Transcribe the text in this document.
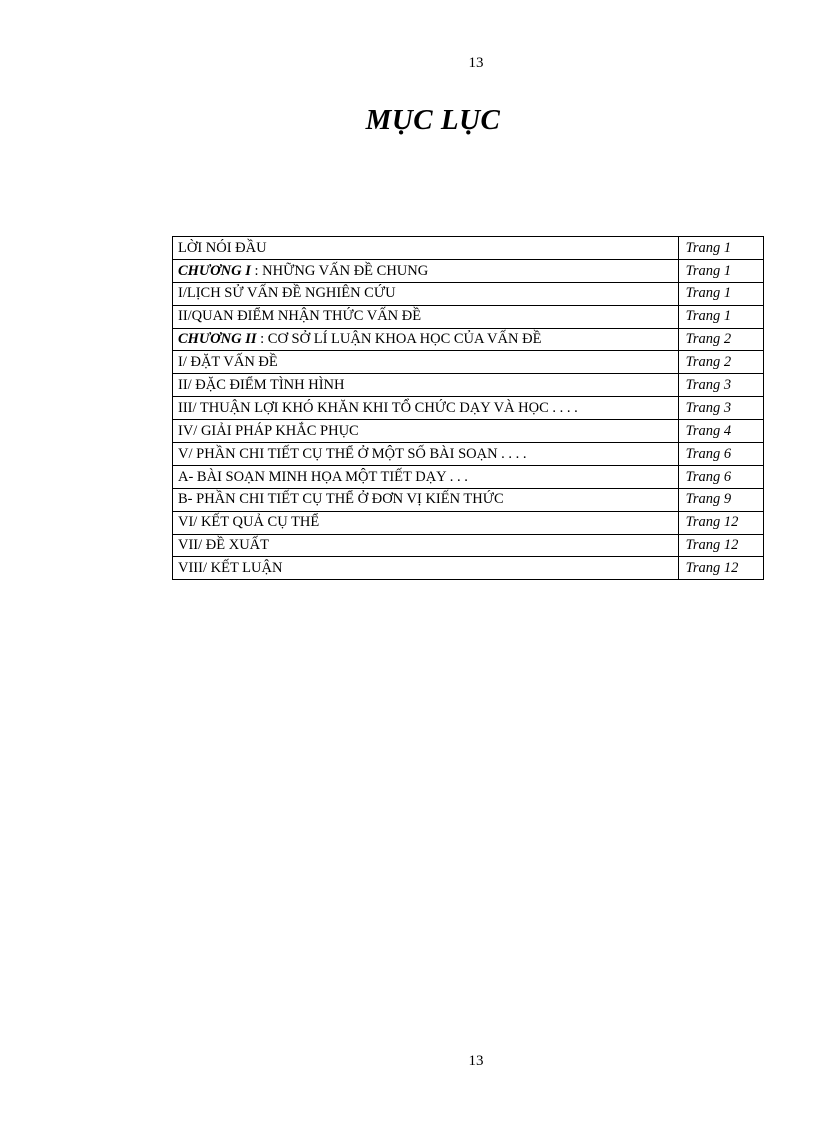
13
MỤC LỤC
LỜI NÓI ĐẦU	Trang 1
CHƯƠNG I : NHỮNG VẤN ĐỀ CHUNG	Trang 1
I/LỊCH SỬ VẤN ĐỀ NGHIÊN CỨU	Trang 1
II/QUAN ĐIỂM NHẬN THỨC VẤN ĐỀ	Trang 1
CHƯƠNG II : CƠ SỞ LÍ LUẬN KHOA HỌC CỦA VẤN ĐỀ	Trang 2
I/ ĐẶT VẤN ĐỀ	Trang 2
II/ ĐẶC ĐIỂM TÌNH HÌNH	Trang 3
III/ THUẬN LỢI KHÓ KHĂN KHI TỔ CHỨC DẠY VÀ HỌC . . . .	Trang 3
IV/ GIẢI PHÁP KHẮC PHỤC	Trang 4
V/ PHẦN CHI TIẾT CỤ THỂ Ở MỘT SỐ BÀI SOẠN . . . .	Trang 6
A- BÀI SOẠN MINH HỌA MỘT TIẾT DẠY . . .	Trang 6
B- PHẦN CHI TIẾT CỤ THỂ Ở ĐƠN VỊ KIẾN THỨC	Trang 9
VI/ KẾT QUẢ CỤ THỂ	Trang 12
VII/ ĐỀ XUẤT	Trang 12
VIII/ KẾT LUẬN	Trang 12
13
